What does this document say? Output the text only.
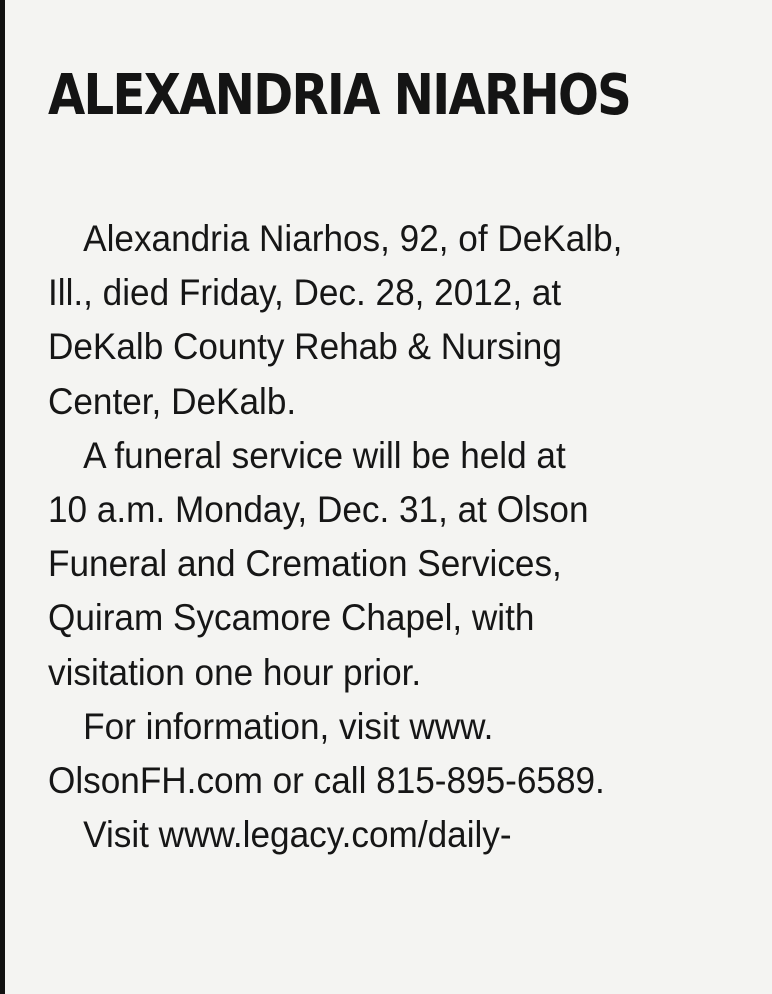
ALEXANDRIA NIARHOS
Alexandria Niarhos, 92, of DeKalb,
Ill., died Friday, Dec. 28, 2012, at
DeKalb County Rehab & Nursing
Center, DeKalb.
A funeral service will be held at
10 a.m. Monday, Dec. 31, at Olson
Funeral and Cremation Services,
Quiram Sycamore Chapel, with
visitation one hour prior.
For information, visit www.
OlsonFH.com or call 815-895-6589.
Visit www.legacy.com/daily-
